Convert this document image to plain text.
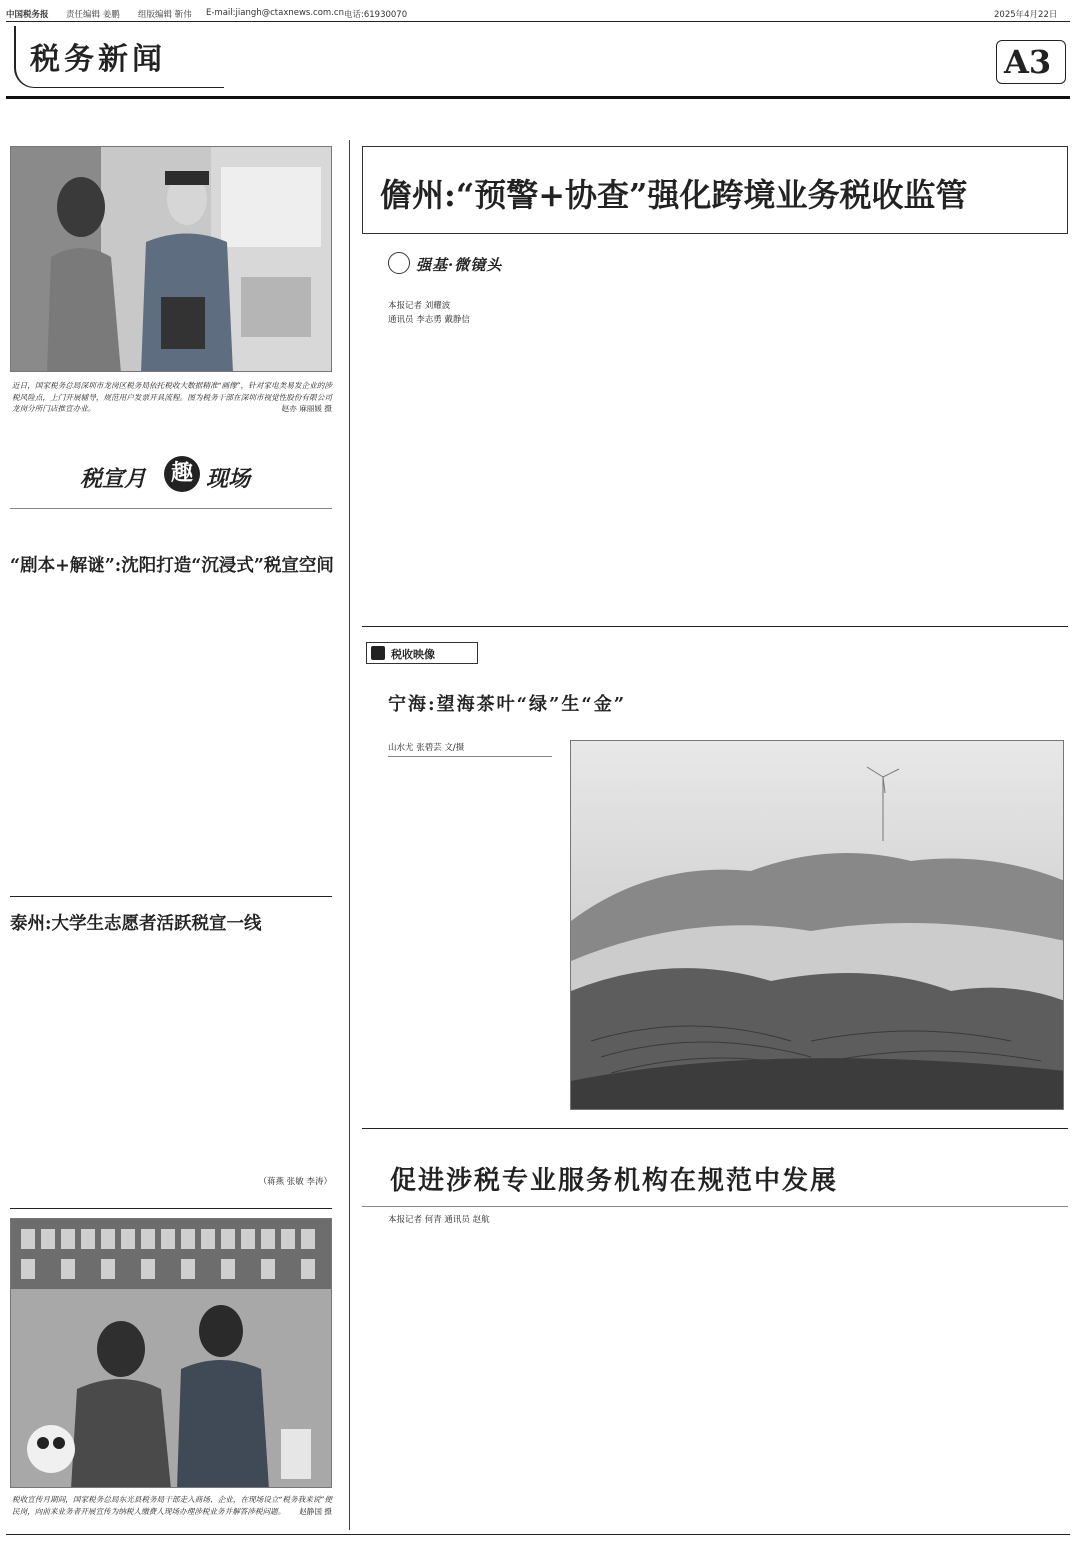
中国税务报 责任编辑 姜鹏 组版编辑 靳伟 E-mail:jiangh@ctaxnews.com.cn 电话:61930070	2025年4月22日
税务新闻	A3
近日，国家税务总局深圳市龙岗区税务局依托税收大数据精准“画像”，针对家电类易发企业的涉税风险点，上门开展辅导，规范用户发票开具流程。图为税务干部在深圳市视觉性股份有限公司龙岗分所门店推宣办业。	赵亦 麻丽媛 摄
税宣月	趣 现场
“剧本+解谜”:沈阳打造“沉浸式”税宣空间
泰州:大学生志愿者活跃税宣一线
（蒋燕 张敏 李涛）
税收宣传月期间，国家税务总局东光县税务局干部走入商场、企业，在现场设立“税务我来说”便民岗，向前来业务者开展宣传为纳税人缴费人现场办理涉税业务并解答涉税问题。 赵静国 摄
儋州:“预警+协查”强化跨境业务税收监管
强基·微镜头
本报记者 刘耀波
通讯员 李志勇 戴静信
税收映像
宁海:望海茶叶“绿”生“金”
山水尤 张碧芸 文/摄
促进涉税专业服务机构在规范中发展
本报记者 何青 通讯员 赵航
